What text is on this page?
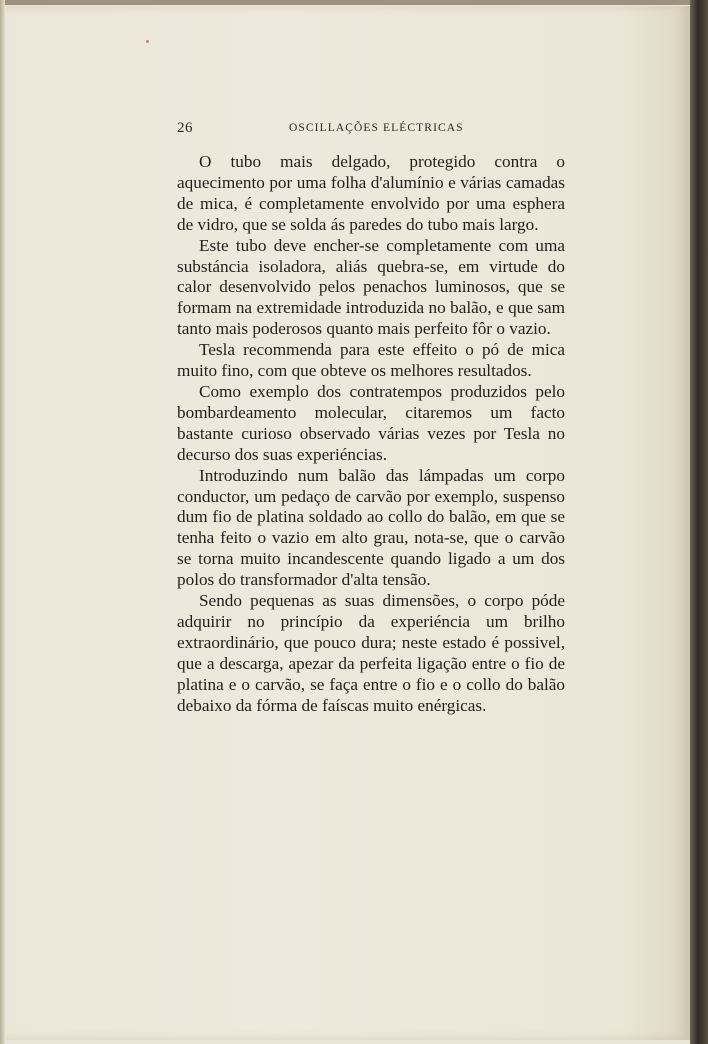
26	OSCILLAÇÕES ELÉCTRICAS

O tubo mais delgado, protegido contra o aquecimento por uma folha d'alumínio e várias camadas de mica, é completamente envolvido por uma esphera de vidro, que se solda ás paredes do tubo mais largo.

Este tubo deve encher-se completamente com uma substáncia isoladora, aliás quebra-se, em virtude do calor desenvolvido pelos penachos luminosos, que se formam na extremidade introduzida no balão, e que sam tanto mais poderosos quanto mais perfeito fôr o vazio.

Tesla recommenda para este effeito o pó de mica muito fino, com que obteve os melhores resultados.

Como exemplo dos contratempos produzidos pelo bombardeamento molecular, citaremos um facto bastante curioso observado várias vezes por Tesla no decurso dos suas experiéncias.

Introduzindo num balão das lámpadas um corpo conductor, um pedaço de carvão por exemplo, suspenso dum fio de platina soldado ao collo do balão, em que se tenha feito o vazio em alto grau, nota-se, que o carvão se torna muito incandescente quando ligado a um dos polos do transformador d'alta tensão.

Sendo pequenas as suas dimensões, o corpo póde adquirir no princípio da experiéncia um brilho extraordinário, que pouco dura; neste estado é possivel, que a descarga, apezar da perfeita ligação entre o fio de platina e o carvão, se faça entre o fio e o collo do balão debaixo da fórma de faíscas muito enérgicas.
